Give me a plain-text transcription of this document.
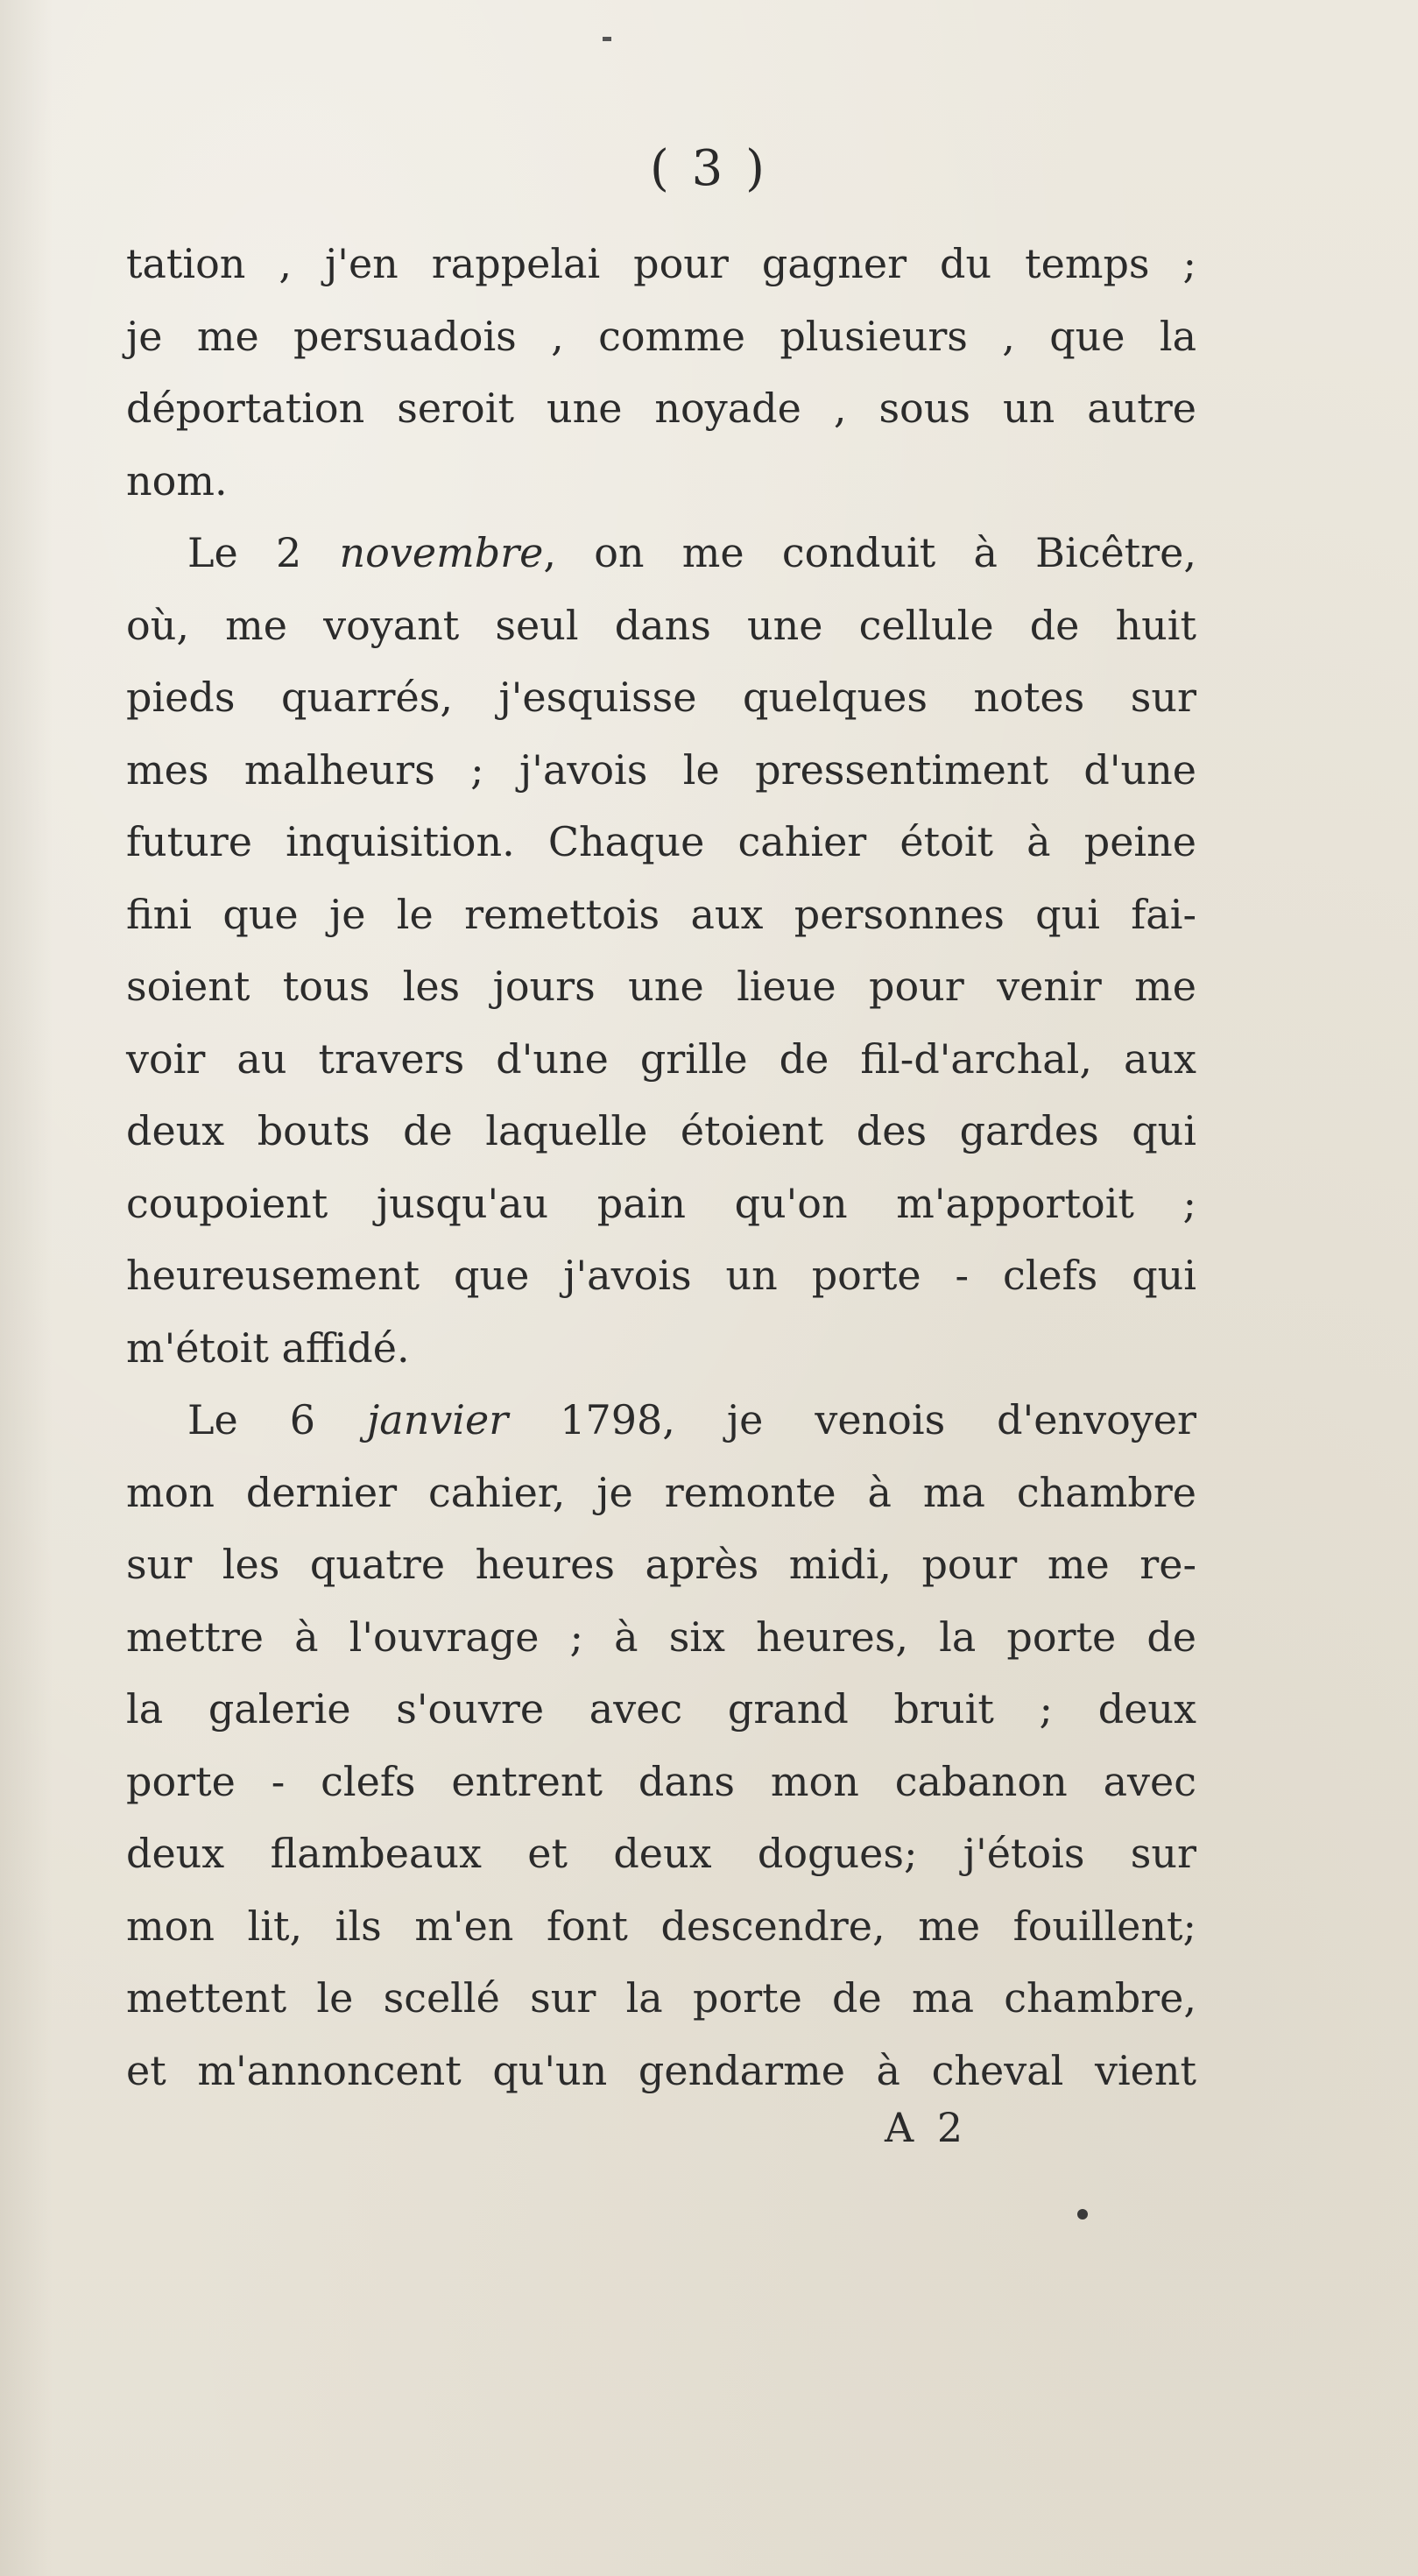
( 3 )
tation , j'en rappelai pour gagner du temps ;
je me persuadois , comme plusieurs , que la
déportation seroit une noyade , sous un autre
nom.
Le 2 novembre, on me conduit à Bicêtre,
où, me voyant seul dans une cellule de huit
pieds quarrés, j'esquisse quelques notes sur
mes malheurs ; j'avois le pressentiment d'une
future inquisition. Chaque cahier étoit à peine
fini que je le remettois aux personnes qui fai-
soient tous les jours une lieue pour venir me
voir au travers d'une grille de fil-d'archal, aux
deux bouts de laquelle étoient des gardes qui
coupoient jusqu'au pain qu'on m'apportoit ;
heureusement que j'avois un porte - clefs qui
m'étoit affidé.
Le 6 janvier 1798, je venois d'envoyer
mon dernier cahier, je remonte à ma chambre
sur les quatre heures après midi, pour me re-
mettre à l'ouvrage ; à six heures, la porte de
la galerie s'ouvre avec grand bruit ; deux
porte - clefs entrent dans mon cabanon avec
deux flambeaux et deux dogues; j'étois sur
mon lit, ils m'en font descendre, me fouillent;
mettent le scellé sur la porte de ma chambre,
et m'annoncent qu'un gendarme à cheval vient
A 2
